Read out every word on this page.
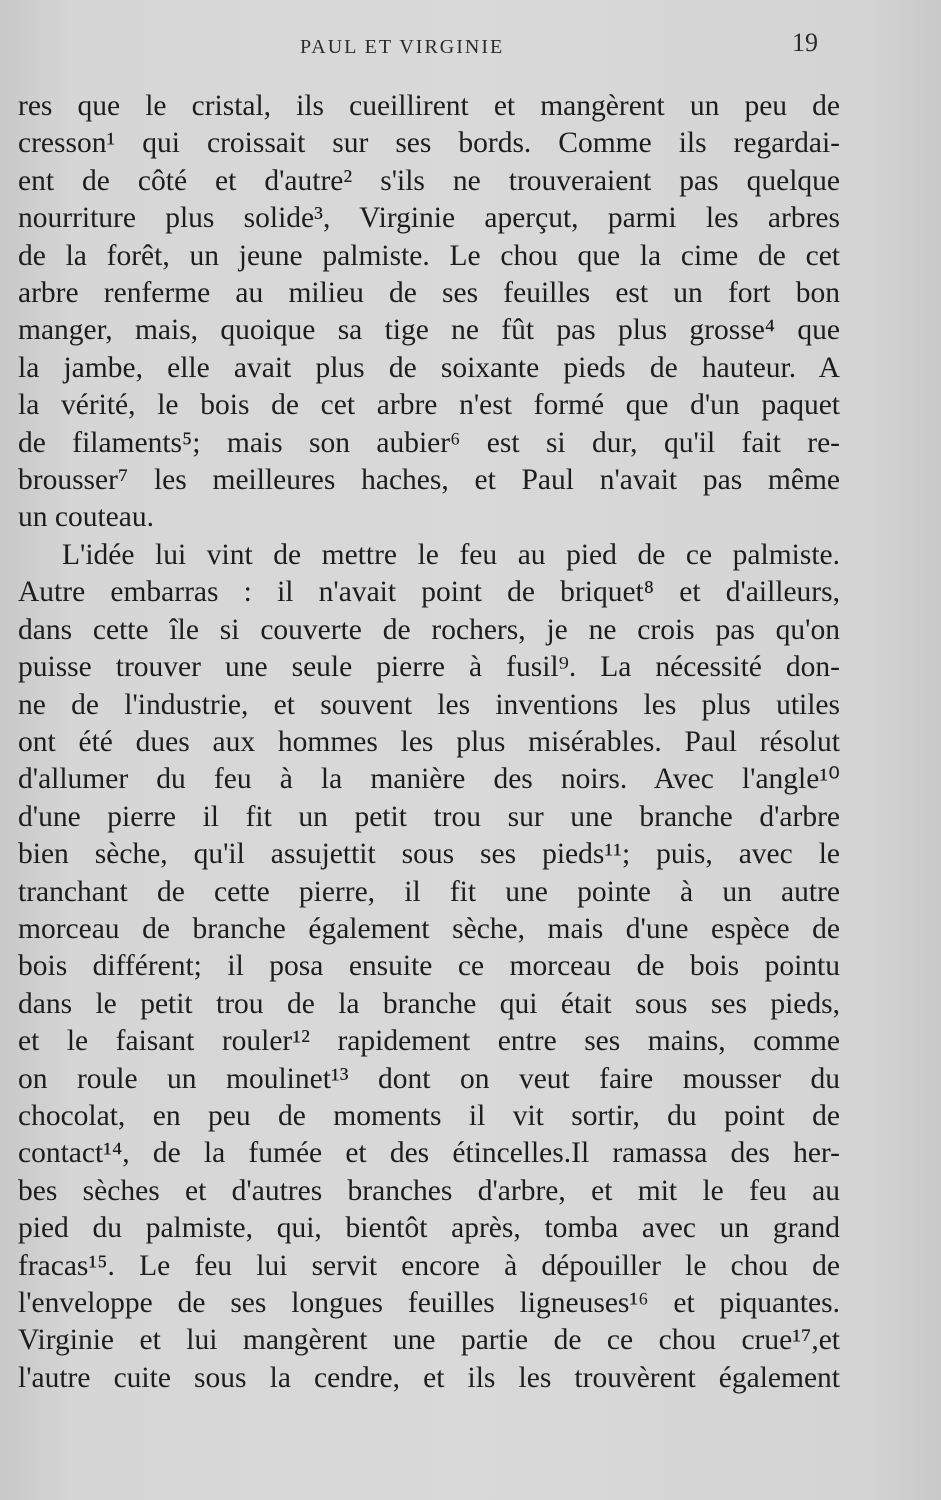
PAUL ET VIRGINIE	19
res que le cristal, ils cueillirent et mangèrent un peu de
cresson¹ qui croissait sur ses bords. Comme ils regardai-
ent de côté et d'autre² s'ils ne trouveraient pas quelque
nourriture plus solide³, Virginie aperçut, parmi les arbres
de la forêt, un jeune palmiste. Le chou que la cime de cet
arbre renferme au milieu de ses feuilles est un fort bon
manger, mais, quoique sa tige ne fût pas plus grosse⁴ que
la jambe, elle avait plus de soixante pieds de hauteur. A
la vérité, le bois de cet arbre n'est formé que d'un paquet
de filaments⁵; mais son aubier⁶ est si dur, qu'il fait re-
brousser⁷ les meilleures haches, et Paul n'avait pas même
un couteau.
L'idée lui vint de mettre le feu au pied de ce palmiste.
Autre embarras : il n'avait point de briquet⁸ et d'ailleurs,
dans cette île si couverte de rochers, je ne crois pas qu'on
puisse trouver une seule pierre à fusil⁹. La nécessité don-
ne de l'industrie, et souvent les inventions les plus utiles
ont été dues aux hommes les plus misérables. Paul résolut
d'allumer du feu à la manière des noirs. Avec l'angle¹⁰
d'une pierre il fit un petit trou sur une branche d'arbre
bien sèche, qu'il assujettit sous ses pieds¹¹; puis, avec le
tranchant de cette pierre, il fit une pointe à un autre
morceau de branche également sèche, mais d'une espèce de
bois différent; il posa ensuite ce morceau de bois pointu
dans le petit trou de la branche qui était sous ses pieds,
et le faisant rouler¹² rapidement entre ses mains, comme
on roule un moulinet¹³ dont on veut faire mousser du
chocolat, en peu de moments il vit sortir, du point de
contact¹⁴, de la fumée et des étincelles.Il ramassa des her-
bes sèches et d'autres branches d'arbre, et mit le feu au
pied du palmiste, qui, bientôt après, tomba avec un grand
fracas¹⁵. Le feu lui servit encore à dépouiller le chou de
l'enveloppe de ses longues feuilles ligneuses¹⁶ et piquantes.
Virginie et lui mangèrent une partie de ce chou crue¹⁷,et
l'autre cuite sous la cendre, et ils les trouvèrent également
